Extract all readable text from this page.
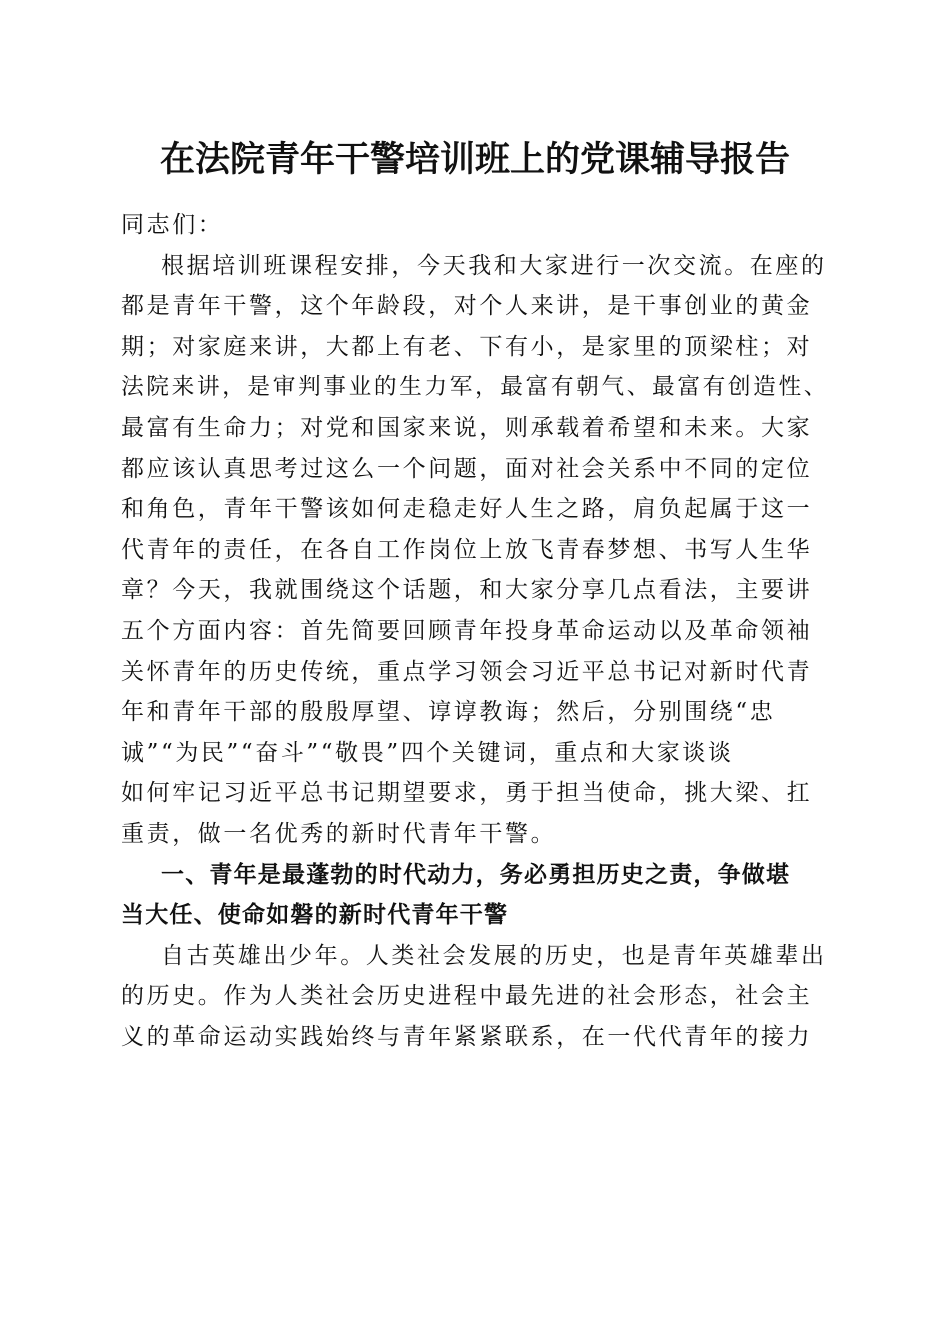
在法院青年干警培训班上的党课辅导报告
同志们：
根据培训班课程安排，今天我和大家进行一次交流。在座的
都是青年干警，这个年龄段，对个人来讲，是干事创业的黄金
期；对家庭来讲，大都上有老、下有小，是家里的顶梁柱；对
法院来讲，是审判事业的生力军，最富有朝气、最富有创造性、
最富有生命力；对党和国家来说，则承载着希望和未来。大家
都应该认真思考过这么一个问题，面对社会关系中不同的定位
和角色，青年干警该如何走稳走好人生之路，肩负起属于这一
代青年的责任，在各自工作岗位上放飞青春梦想、书写人生华
章？今天，我就围绕这个话题，和大家分享几点看法，主要讲
五个方面内容：首先简要回顾青年投身革命运动以及革命领袖
关怀青年的历史传统，重点学习领会习近平总书记对新时代青
年和青年干部的殷殷厚望、谆谆教诲；然后，分别围绕“忠
诚”“为民”“奋斗”“敬畏”四个关键词，重点和大家谈谈
如何牢记习近平总书记期望要求，勇于担当使命，挑大梁、扛
重责，做一名优秀的新时代青年干警。
一、青年是最蓬勃的时代动力，务必勇担历史之责，争做堪
当大任、使命如磐的新时代青年干警
自古英雄出少年。人类社会发展的历史，也是青年英雄辈出
的历史。作为人类社会历史进程中最先进的社会形态，社会主
义的革命运动实践始终与青年紧紧联系，在一代代青年的接力
